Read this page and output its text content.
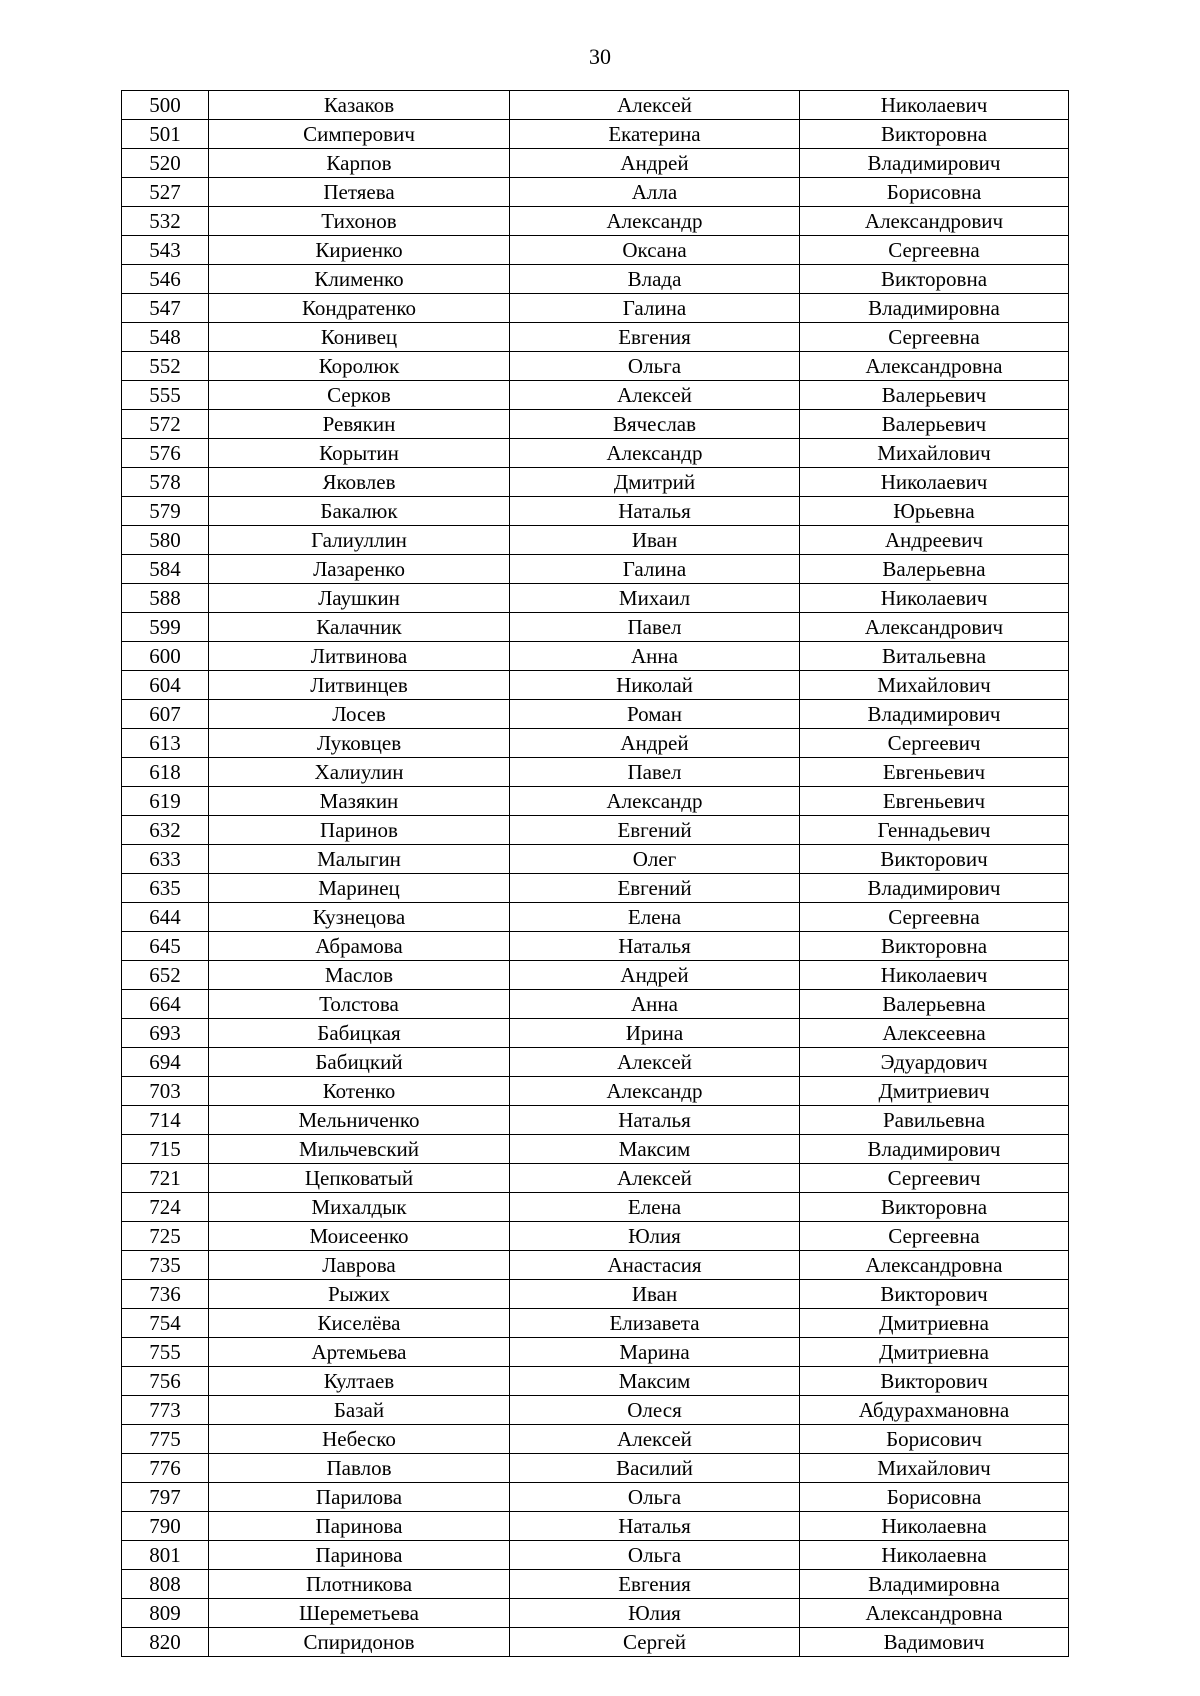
30
500	Казаков	Алексей	Николаевич
501	Симперович	Екатерина	Викторовна
520	Карпов	Андрей	Владимирович
527	Петяева	Алла	Борисовна
532	Тихонов	Александр	Александрович
543	Кириенко	Оксана	Сергеевна
546	Клименко	Влада	Викторовна
547	Кондратенко	Галина	Владимировна
548	Конивец	Евгения	Сергеевна
552	Королюк	Ольга	Александровна
555	Серков	Алексей	Валерьевич
572	Ревякин	Вячеслав	Валерьевич
576	Корытин	Александр	Михайлович
578	Яковлев	Дмитрий	Николаевич
579	Бакалюк	Наталья	Юрьевна
580	Галиуллин	Иван	Андреевич
584	Лазаренко	Галина	Валерьевна
588	Лаушкин	Михаил	Николаевич
599	Калачник	Павел	Александрович
600	Литвинова	Анна	Витальевна
604	Литвинцев	Николай	Михайлович
607	Лосев	Роман	Владимирович
613	Луковцев	Андрей	Сергеевич
618	Халиулин	Павел	Евгеньевич
619	Мазякин	Александр	Евгеньевич
632	Паринов	Евгений	Геннадьевич
633	Малыгин	Олег	Викторович
635	Маринец	Евгений	Владимирович
644	Кузнецова	Елена	Сергеевна
645	Абрамова	Наталья	Викторовна
652	Маслов	Андрей	Николаевич
664	Толстова	Анна	Валерьевна
693	Бабицкая	Ирина	Алексеевна
694	Бабицкий	Алексей	Эдуардович
703	Котенко	Александр	Дмитриевич
714	Мельниченко	Наталья	Равильевна
715	Мильчевский	Максим	Владимирович
721	Цепковатый	Алексей	Сергеевич
724	Михалдык	Елена	Викторовна
725	Моисеенко	Юлия	Сергеевна
735	Лаврова	Анастасия	Александровна
736	Рыжих	Иван	Викторович
754	Киселёва	Елизавета	Дмитриевна
755	Артемьева	Марина	Дмитриевна
756	Култаев	Максим	Викторович
773	Базай	Олеся	Абдурахмановна
775	Небеско	Алексей	Борисович
776	Павлов	Василий	Михайлович
797	Парилова	Ольга	Борисовна
790	Паринова	Наталья	Николаевна
801	Паринова	Ольга	Николаевна
808	Плотникова	Евгения	Владимировна
809	Шереметьева	Юлия	Александровна
820	Спиридонов	Сергей	Вадимович
